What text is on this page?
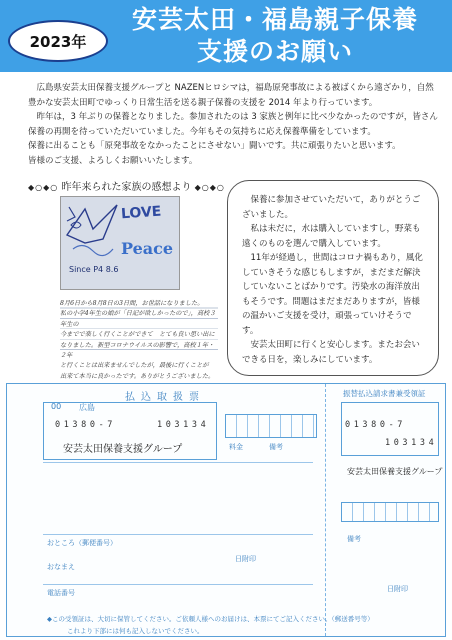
2023年
安芸太田・福島親子保養
支援のお願い

広島県安芸太田保養支援グループと NAZENヒロシマは，福島原発事故による被ばくから遠ざかり，自然豊かな安芸太田町でゆっくり日常生活を送る親子保養の支援を 2014 年より行っています。

昨年は，3 年ぶりの保養となりました。参加されたのは 3 家族と例年に比べ少なかったのですが，皆さん保養の再開を待っていただいていました。今年もその気持ちに応え保養準備をしています。

保養に出ることも「原発事故をなかったことにさせない」闘いです。共に頑張りたいと思います。

皆様のご支援、よろしくお願いいたします。

◆○◆○ 昨年来られた家族の感想より ◆○◆○
LOVE
Peace
Since P4 8.6
8月6日から8月8日の3日間，お世話になりました。
私の小学4年生の娘が「日記が欲しかったので」，高校３年生の
今までで楽しく行くことができて　とても良い思い出に
なりました。新型コロナウイルスの影響で，高校１年・２年
と行くことは出来ませんでしたが，最後に行くことが
出来て本当に良かったです。ありがとうございました。

保養に参加させていただいて，ありがとうございました。

私は未だに，水は購入していますし，野菜も遠くのものを選んで購入しています。

11年が経過し，世間はコロナ禍もあり，風化していきそうな感じもしますが，まだまだ解決していないことばかりです。汚染水の海洋放出もそうです。問題はまだまだありますが，皆様の温かいご支援を受け，頑張っていけそうです。

安芸太田町に行くと安心します。またお会いできる日を，楽しみにしています。

払込取扱票	振替払込請求書兼受領証
00 広島
01380-7	103134
安芸太田保養支援グループ	料金	備考
おところ（郵便番号）
おなまえ
電話番号
日附印
01380-7
103134
安芸太田保養支援グループ
備考
日附印
◆この受領証は、大切に保管してください。ご依頼人様へのお届けは、本票にてご記入ください。（郵送番号等）
これより下部には何も記入しないでください。
